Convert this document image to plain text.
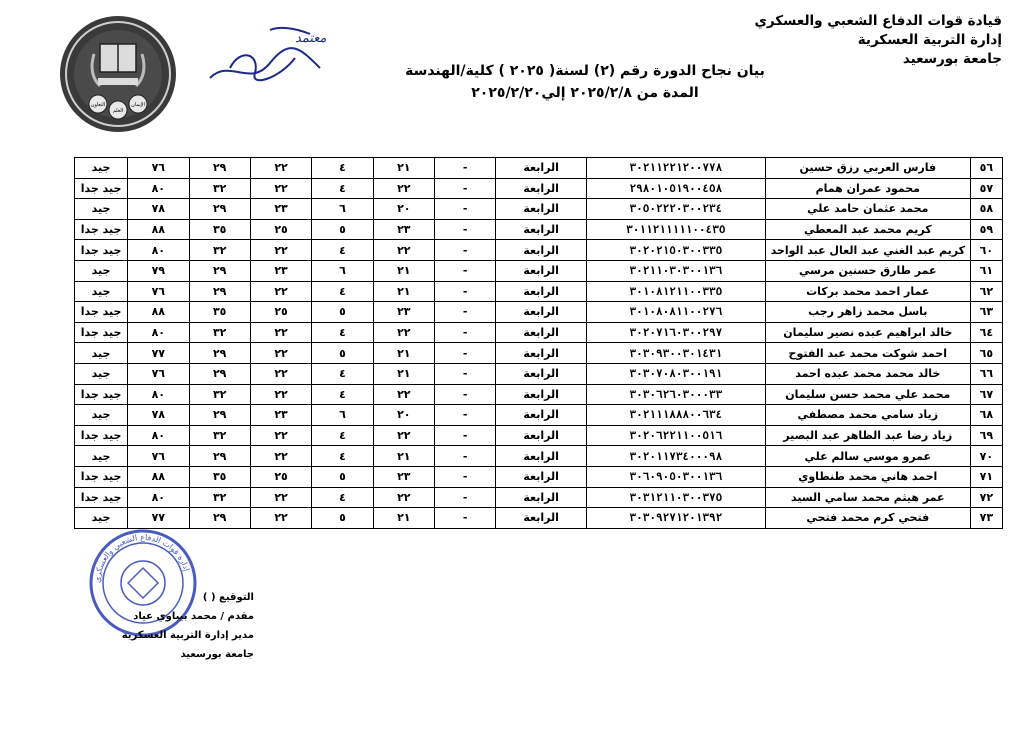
قيادة قوات الدفاع الشعبي والعسكري
إدارة التربية العسكرية
جامعة بورسعيد
بيان نجاح الدورة رقم (٢) لسنة( ٢٠٢٥ ) كلية/الهندسة
المدة من ٢٠٢٥/٢/٨ إلي٢٠٢٥/٢/٢٠
التعاون
العلم
الإيمان
معتمد
٥٦	فارس العربي رزق حسين	٣٠٢١١٢٢١٢٠٠٧٧٨	الرابعة	-	٢١	٤	٢٢	٢٩	٧٦	جيد
٥٧	محمود عمران همام	٢٩٨٠١٠٥١٩٠٠٤٥٨	الرابعة	-	٢٢	٤	٢٢	٣٢	٨٠	جيد جدا
٥٨	محمد عثمان حامد علي	٣٠٥٠٢٢٢٠٣٠٠٢٣٤	الرابعة	-	٢٠	٦	٢٣	٢٩	٧٨	جيد
٥٩	كريم محمد عبد المعطي	٣٠١١٢١١١١١٠٠٤٣٥	الرابعة	-	٢٣	٥	٢٥	٣٥	٨٨	جيد جدا
٦٠	كريم عبد الغني عبد العال عبد الواحد	٣٠٢٠٢١٥٠٣٠٠٣٣٥	الرابعة	-	٢٢	٤	٢٢	٣٢	٨٠	جيد جدا
٦١	عمر طارق حسنين مرسي	٣٠٢١١٠٣٠٣٠٠١٣٦	الرابعة	-	٢١	٦	٢٣	٢٩	٧٩	جيد
٦٢	عمار احمد محمد بركات	٣٠١٠٨١٢١١٠٠٣٣٥	الرابعة	-	٢١	٤	٢٢	٢٩	٧٦	جيد
٦٣	باسل محمد زاهر رجب	٣٠١٠٨٠٨١١٠٠٢٧٦	الرابعة	-	٢٣	٥	٢٥	٣٥	٨٨	جيد جدا
٦٤	خالد ابراهيم عبده نصير سليمان	٣٠٢٠٧١٦٠٣٠٠٢٩٧	الرابعة	-	٢٢	٤	٢٢	٣٢	٨٠	جيد جدا
٦٥	احمد شوكت محمد عبد الفتوح	٣٠٣٠٩٣٠٠٣٠١٤٣١	الرابعة	-	٢١	٥	٢٢	٢٩	٧٧	جيد
٦٦	خالد محمد محمد عبده احمد	٣٠٣٠٧٠٨٠٣٠٠١٩١	الرابعة	-	٢١	٤	٢٢	٢٩	٧٦	جيد
٦٧	محمد علي محمد حسن سليمان	٣٠٣٠٦٢٦٠٣٠٠٠٣٣	الرابعة	-	٢٢	٤	٢٢	٣٢	٨٠	جيد جدا
٦٨	زياد سامي محمد مصطفي	٣٠٢١١١٨٨٨٠٠٦٣٤	الرابعة	-	٢٠	٦	٢٣	٢٩	٧٨	جيد
٦٩	زياد رضا عبد الظاهر عبد البصير	٣٠٢٠٦٢٢١١٠٠٥١٦	الرابعة	-	٢٢	٤	٢٢	٣٢	٨٠	جيد جدا
٧٠	عمرو موسي سالم علي	٣٠٢٠١١٧٣٤٠٠٠٩٨	الرابعة	-	٢١	٤	٢٢	٢٩	٧٦	جيد
٧١	احمد هاني محمد طنطاوي	٣٠٦٠٩٠٥٠٣٠٠١٣٦	الرابعة	-	٢٣	٥	٢٥	٣٥	٨٨	جيد جدا
٧٢	عمر هيثم محمد سامي السيد	٣٠٣١٢١١٠٣٠٠٣٧٥	الرابعة	-	٢٢	٤	٢٢	٣٢	٨٠	جيد جدا
٧٣	فتحي كرم محمد فتحي	٣٠٣٠٩٢٧١٢٠١٣٩٢	الرابعة	-	٢١	٥	٢٢	٢٩	٧٧	جيد
إدارة قوات الدفاع الشعبي والعسكري
التوقيع ( )
مقدم / محمد بيباوي عياد
مدير إدارة التربية العسكرية
جامعة بورسعيد
